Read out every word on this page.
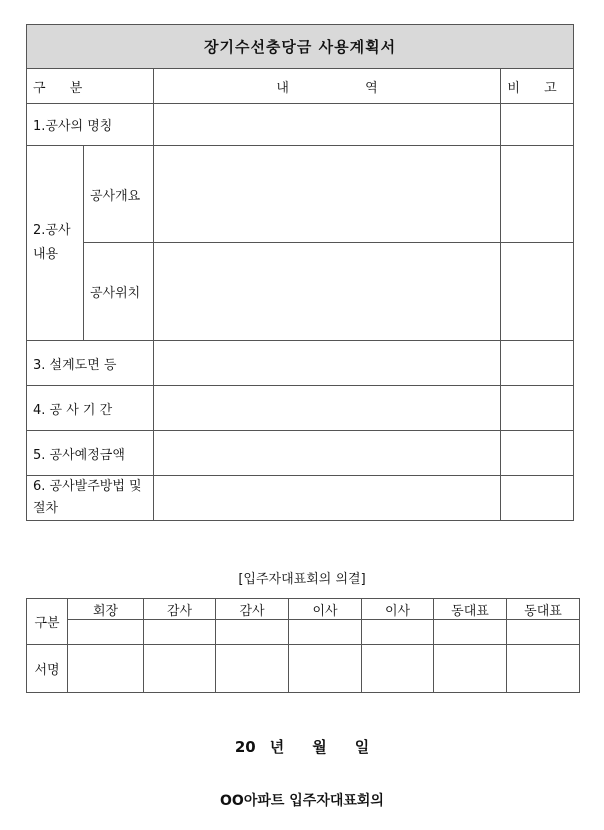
장기수선충당금 사용계획서			
구 분		내 역	비 고
1.공사의 명칭			
2.공사 내용	공사개요		
	공사위치		
3. 설계도면 등			
4. 공 사 기 간			
5. 공사예정금액			
6. 공사발주방법 및 절차			
[입주자대표회의 의결]
구분	회장	감사	감사	이사	이사	동대표	동대표

서명							
20 년 월 일
OO아파트 입주자대표회의
